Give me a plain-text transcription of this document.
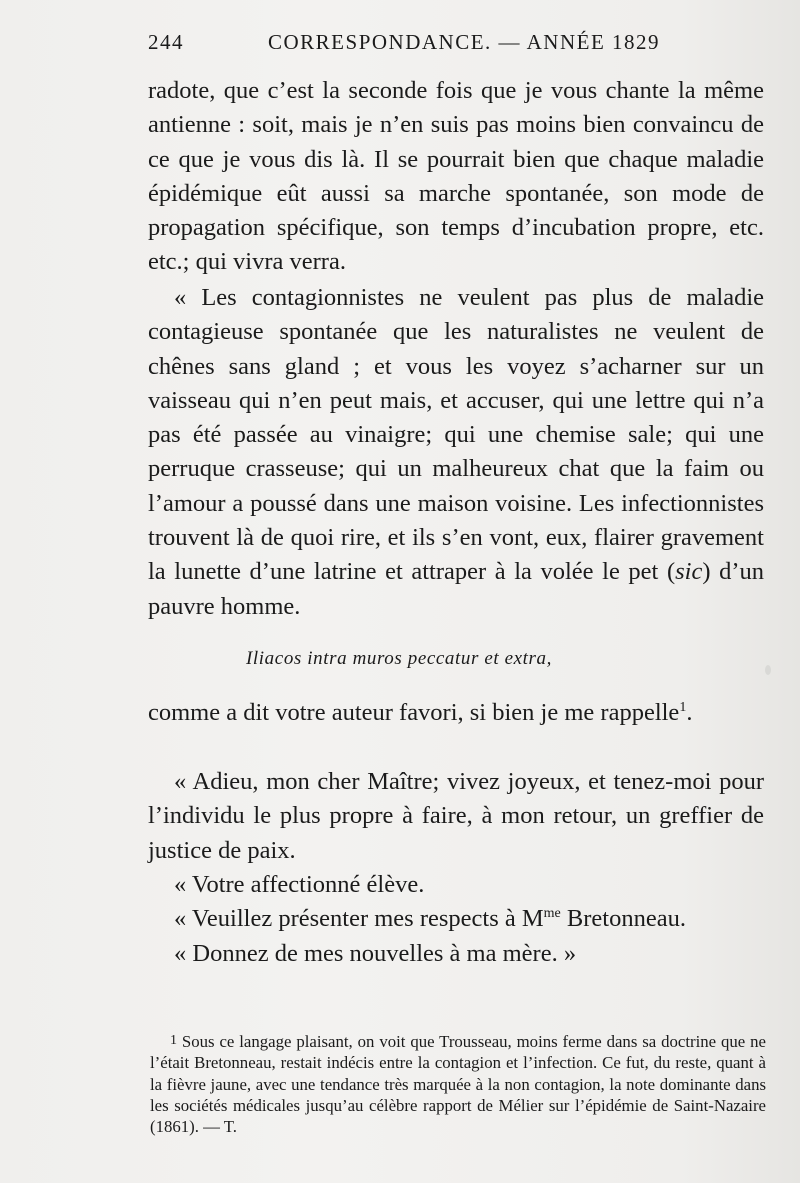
244	CORRESPONDANCE. — ANNÉE 1829
radote, que c’est la seconde fois que je vous chante la même antienne : soit, mais je n’en suis pas moins bien convaincu de ce que je vous dis là. Il se pourrait bien que chaque maladie épidémique eût aussi sa marche spontanée, son mode de propagation spécifique, son temps d’incubation propre, etc. etc.; qui vivra verra.
« Les contagionnistes ne veulent pas plus de maladie contagieuse spontanée que les naturalistes ne veulent de chênes sans gland ; et vous les voyez s’acharner sur un vaisseau qui n’en peut mais, et accuser, qui une lettre qui n’a pas été passée au vinaigre; qui une chemise sale; qui une perruque crasseuse; qui un malheureux chat que la faim ou l’amour a poussé dans une maison voisine. Les infectionnistes trouvent là de quoi rire, et ils s’en vont, eux, flairer gravement la lunette d’une latrine et attraper à la volée le pet (sic) d’un pauvre homme.
Iliacos intra muros peccatur et extra,
comme a dit votre auteur favori, si bien je me rappelle$^1$.
« Adieu, mon cher Maître; vivez joyeux, et tenez-moi pour l’individu le plus propre à faire, à mon retour, un greffier de justice de paix.
« Votre affectionné élève.
« Veuillez présenter mes respects à $M^{me}$ Bretonneau.
« Donnez de mes nouvelles à ma mère. »
1 Sous ce langage plaisant, on voit que Trousseau, moins ferme dans sa doctrine que ne l’était Bretonneau, restait indécis entre la contagion et l’infection. Ce fut, du reste, quant à la fièvre jaune, avec une tendance très marquée à la non contagion, la note dominante dans les sociétés médicales jusqu’au célèbre rapport de Mélier sur l’épidémie de Saint-Nazaire (1861). — T.
